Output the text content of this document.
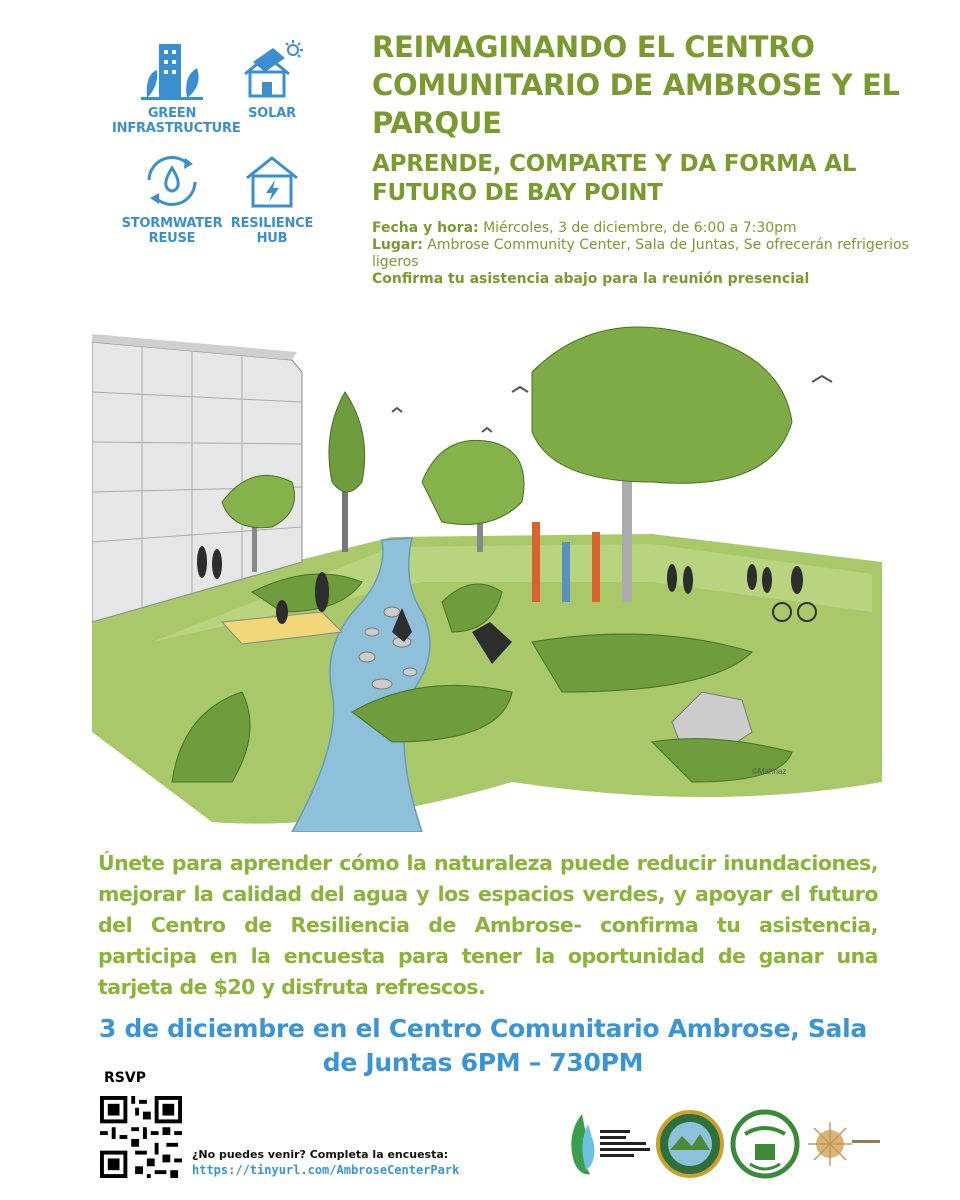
GREEN
INFRASTRUCTURE
SOLAR
STORMWATER
REUSE
RESILIENCE
HUB
REIMAGINANDO EL CENTRO COMUNITARIO DE AMBROSE Y EL PARQUE
APRENDE, COMPARTE Y DA FORMA AL FUTURO DE BAY POINT

Fecha y hora: Miércoles, 3 de diciembre, de 6:00 a 7:30pm

Lugar: Ambrose Community Center, Sala de Juntas, Se ofrecerán refrigerios ligeros

Confirma tu asistencia abajo para la reunión presencial

©Mahnaz
Únete para aprender cómo la naturaleza puede reducir inundaciones, mejorar la calidad del agua y los espacios verdes, y apoyar el futuro del Centro de Resiliencia de Ambrose- confirma tu asistencia, participa en la encuesta para tener la oportunidad de ganar una tarjeta de $20 y disfruta refrescos.
3 de diciembre en el Centro Comunitario Ambrose, Sala de Juntas 6PM – 730PM
RSVP
¿No puedes venir? Completa la encuesta:
https://tinyurl.com/AmbroseCenterPark
